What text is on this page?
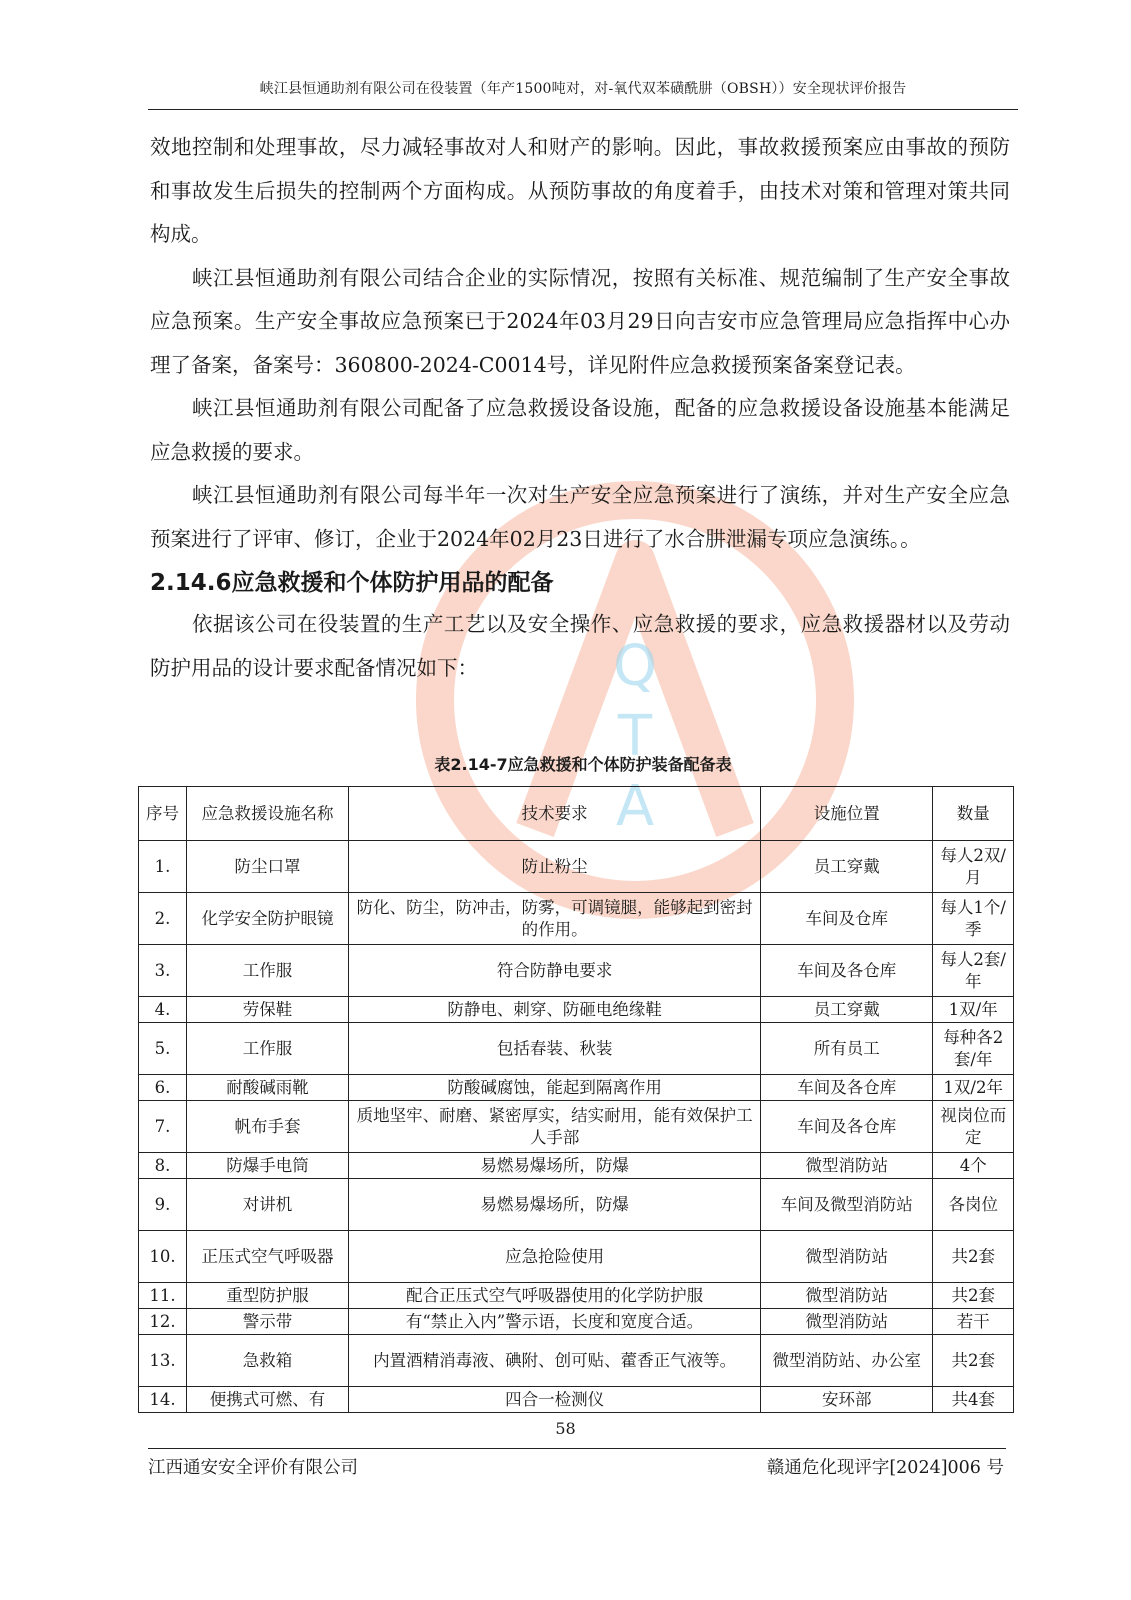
Q
T
A
峡江县恒通助剂有限公司在役装置（年产1500吨对，对-氧代双苯磺酰肼（OBSH））安全现状评价报告

效地控制和处理事故，尽力减轻事故对人和财产的影响。因此，事故救援预案应由事故的预防和事故发生后损失的控制两个方面构成。从预防事故的角度着手，由技术对策和管理对策共同构成。

峡江县恒通助剂有限公司结合企业的实际情况，按照有关标准、规范编制了生产安全事故应急预案。生产安全事故应急预案已于2024年03月29日向吉安市应急管理局应急指挥中心办理了备案，备案号：360800-2024-C0014号，详见附件应急救援预案备案登记表。

峡江县恒通助剂有限公司配备了应急救援设备设施，配备的应急救援设备设施基本能满足应急救援的要求。

峡江县恒通助剂有限公司每半年一次对生产安全应急预案进行了演练，并对生产安全应急预案进行了评审、修订，企业于2024年02月23日进行了水合肼泄漏专项应急演练。。

2.14.6应急救援和个体防护用品的配备

依据该公司在役装置的生产工艺以及安全操作、应急救援的要求，应急救援器材以及劳动防护用品的设计要求配备情况如下：

表2.14-7应急救援和个体防护装备配备表
序号	应急救援设施名称	技术要求	设施位置	数量
1.	防尘口罩	防止粉尘	员工穿戴	每人2双/月
2.	化学安全防护眼镜	防化、防尘，防冲击，防雾，可调镜腿，能够起到密封的作用。	车间及仓库	每人1个/季
3.	工作服	符合防静电要求	车间及各仓库	每人2套/年
4.	劳保鞋	防静电、刺穿、防砸电绝缘鞋	员工穿戴	1双/年
5.	工作服	包括春装、秋装	所有员工	每种各2套/年
6.	耐酸碱雨靴	防酸碱腐蚀，能起到隔离作用	车间及各仓库	1双/2年
7.	帆布手套	质地坚牢、耐磨、紧密厚实，结实耐用，能有效保护工人手部	车间及各仓库	视岗位而定
8.	防爆手电筒	易燃易爆场所，防爆	微型消防站	4个
9.	对讲机	易燃易爆场所，防爆	车间及微型消防站	各岗位
10.	正压式空气呼吸器	应急抢险使用	微型消防站	共2套
11.	重型防护服	配合正压式空气呼吸器使用的化学防护服	微型消防站	共2套
12.	警示带	有“禁止入内”警示语，长度和宽度合适。	微型消防站	若干
13.	急救箱	内置酒精消毒液、碘附、创可贴、藿香正气液等。	微型消防站、办公室	共2套
14.	便携式可燃、有	四合一检测仪	安环部	共4套
58
江西通安安全评价有限公司	赣通危化现评字[2024]006 号
